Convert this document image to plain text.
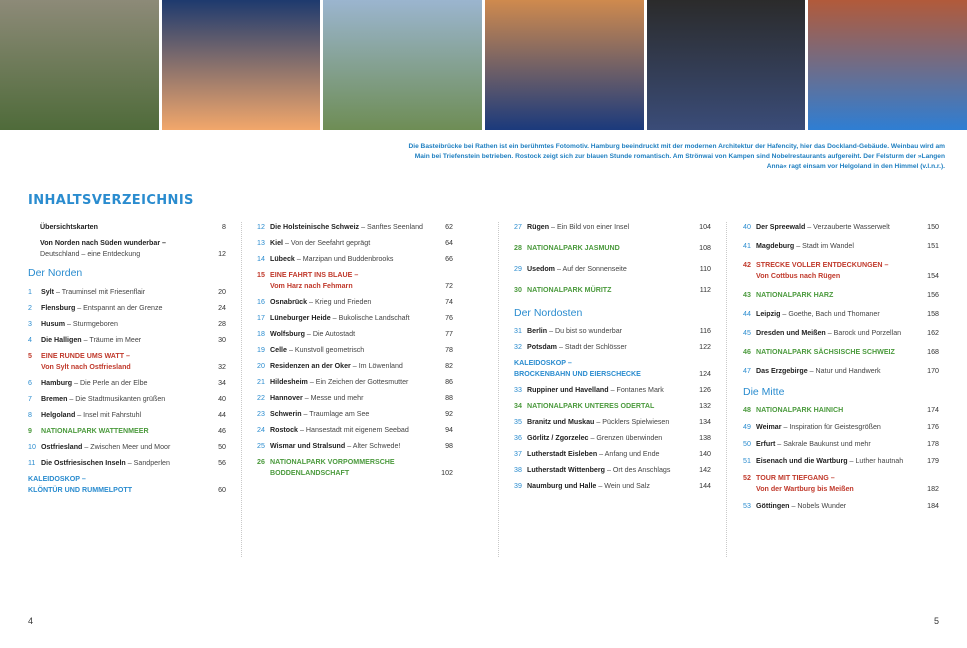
Die Basteibrücke bei Rathen ist ein berühmtes Fotomotiv. Hamburg beeindruckt mit der modernen Architektur der Hafencity, hier das Dockland-Gebäude. Weinbau wird am Main bei Triefenstein betrieben. Rostock zeigt sich zur blauen Stunde romantisch. Am Strönwai von Kampen sind Nobelrestaurants aufgereiht. Der Felsturm der »Langen Anna« ragt einsam vor Helgoland in den Himmel (v.l.n.r.).
INHALTSVERZEICHNIS
Übersichtskarten	8
Von Norden nach Süden wunderbar –
Deutschland – eine Entdeckung	12
Der Norden
1 Sylt – Trauminsel mit Friesenflair	20
2 Flensburg – Entspannt an der Grenze	24
3 Husum – Sturmgeboren	28
4 Die Halligen – Träume im Meer	30
5 EINE RUNDE UMS WATT –
Von Sylt nach Ostfriesland	32
6 Hamburg – Die Perle an der Elbe	34
7 Bremen – Die Stadtmusikanten grüßen	40
8 Helgoland – Insel mit Fahrstuhl	44
9 NATIONALPARK WATTENMEER	46
10 Ostfriesland – Zwischen Meer und Moor	50
11 Die Ostfriesischen Inseln – Sandperlen	56
KALEIDOSKOP –
KLÖNTÜR UND RUMMELPOTT	60
12 Die Holsteinische Schweiz – Sanftes Seenland	62
13 Kiel – Von der Seefahrt geprägt	64
14 Lübeck – Marzipan und Buddenbrooks	66
15 EINE FAHRT INS BLAUE –
Vom Harz nach Fehmarn	72
16 Osnabrück – Krieg und Frieden	74
17 Lüneburger Heide – Bukolische Landschaft	76
18 Wolfsburg – Die Autostadt	77
19 Celle – Kunstvoll geometrisch	78
20 Residenzen an der Oker – Im Löwenland	82
21 Hildesheim – Ein Zeichen der Gottesmutter	86
22 Hannover – Messe und mehr	88
23 Schwerin – Traumlage am See	92
24 Rostock – Hansestadt mit eigenem Seebad	94
25 Wismar und Stralsund – Alter Schwede!	98
26 NATIONALPARK VORPOMMERSCHE
BODDENLANDSCHAFT	102
27 Rügen – Ein Bild von einer Insel	104
28 NATIONALPARK JASMUND	108
29 Usedom – Auf der Sonnenseite	110
30 NATIONALPARK MÜRITZ	112
Der Nordosten
31 Berlin – Du bist so wunderbar	116
32 Potsdam – Stadt der Schlösser	122
KALEIDOSKOP –
BROCKENBAHN UND EIERSCHECKE	124
33 Ruppiner und Havelland – Fontanes Mark	126
34 NATIONALPARK UNTERES ODERTAL	132
35 Branitz und Muskau – Pücklers Spielwiesen	134
36 Görlitz / Zgorzelec – Grenzen überwinden	138
37 Lutherstadt Eisleben – Anfang und Ende	140
38 Lutherstadt Wittenberg – Ort des Anschlags	142
39 Naumburg und Halle – Wein und Salz	144
40 Der Spreewald – Verzauberte Wasserwelt	150
41 Magdeburg – Stadt im Wandel	151
42 STRECKE VOLLER ENTDECKUNGEN –
Von Cottbus nach Rügen	154
43 NATIONALPARK HARZ	156
44 Leipzig – Goethe, Bach und Thomaner	158
45 Dresden und Meißen – Barock und Porzellan	162
46 NATIONALPARK SÄCHSISCHE SCHWEIZ	168
47 Das Erzgebirge – Natur und Handwerk	170
Die Mitte
48 NATIONALPARK HAINICH	174
49 Weimar – Inspiration für Geistesgrößen	176
50 Erfurt – Sakrale Baukunst und mehr	178
51 Eisenach und die Wartburg – Luther hautnah	179
52 TOUR MIT TIEFGANG –
Von der Wartburg bis Meißen	182
53 Göttingen – Nobels Wunder	184
4	5
